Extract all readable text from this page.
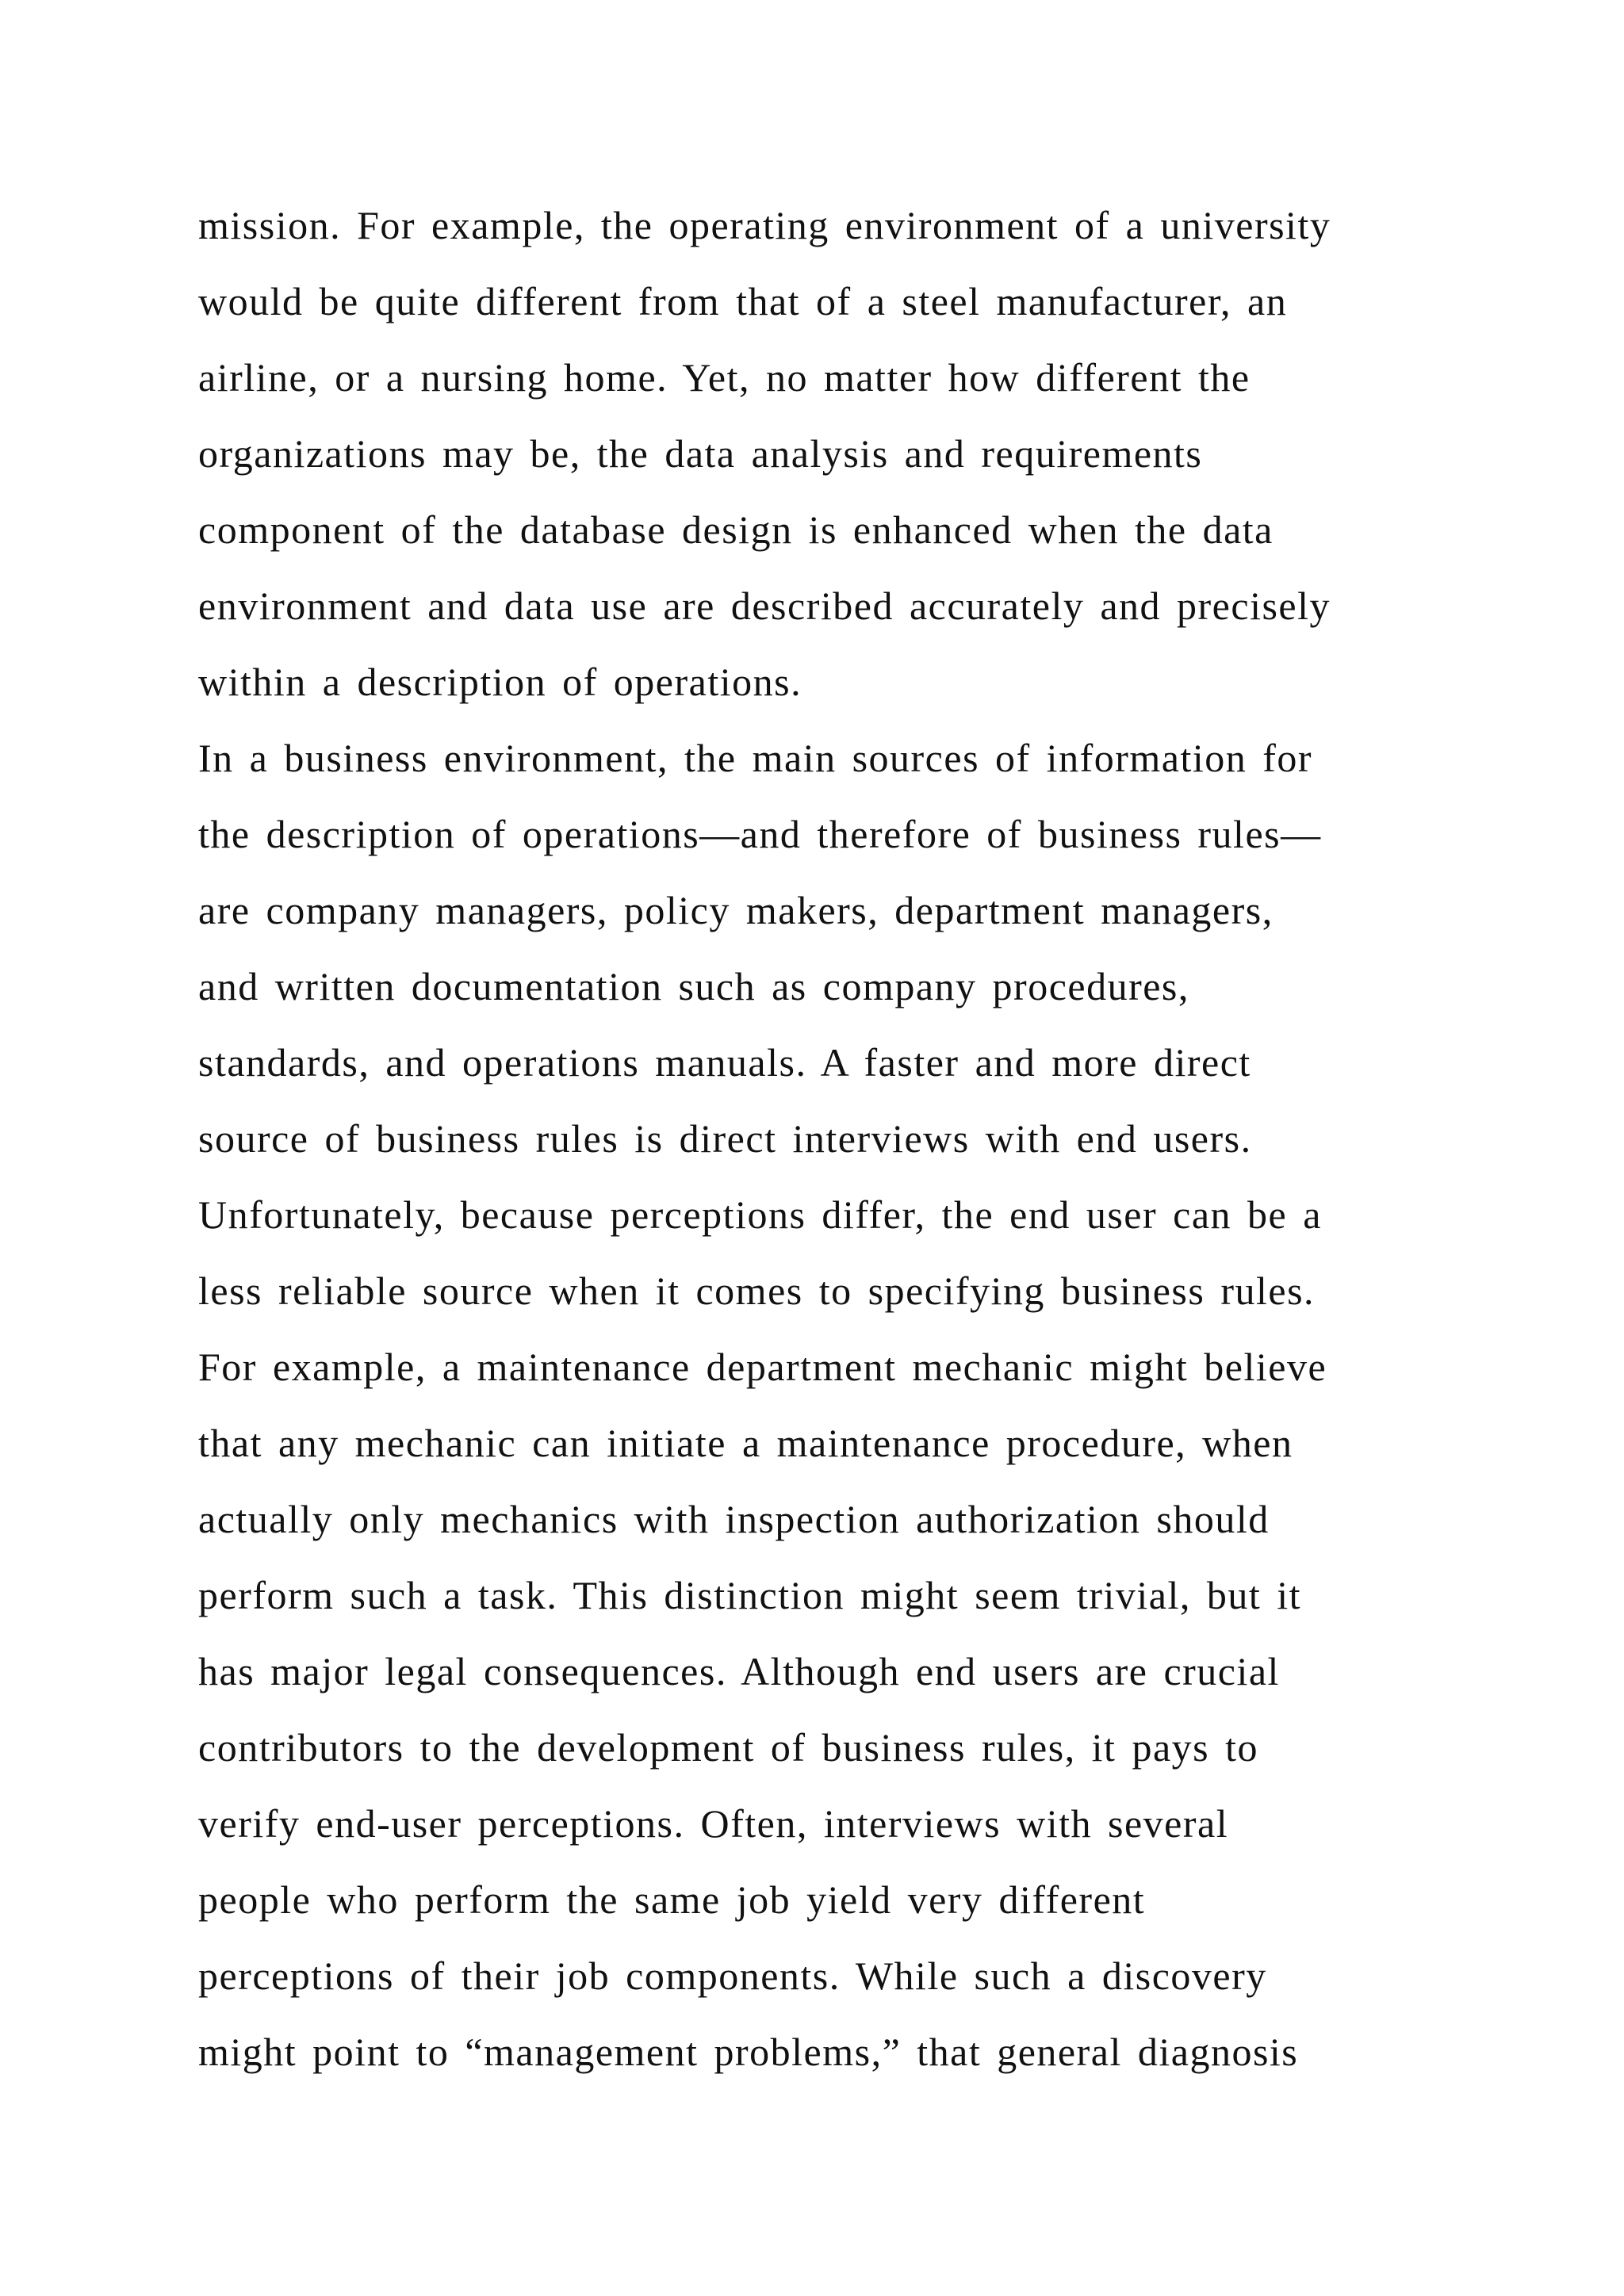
mission. For example, the operating environment of a university
would be quite different from that of a steel manufacturer, an
airline, or a nursing home. Yet, no matter how different the
organizations may be, the data analysis and requirements
component of the database design is enhanced when the data
environment and data use are described accurately and precisely
within a description of operations.
In a business environment, the main sources of information for
the description of operations—and therefore of business rules—
are company managers, policy makers, department managers,
and written documentation such as company procedures,
standards, and operations manuals. A faster and more direct
source of business rules is direct interviews with end users.
Unfortunately, because perceptions differ, the end user can be a
less reliable source when it comes to specifying business rules.
For example, a maintenance department mechanic might believe
that any mechanic can initiate a maintenance procedure, when
actually only mechanics with inspection authorization should
perform such a task. This distinction might seem trivial, but it
has major legal consequences. Although end users are crucial
contributors to the development of business rules, it pays to
verify end-user perceptions. Often, interviews with several
people who perform the same job yield very different
perceptions of their job components. While such a discovery
might point to “management problems,” that general diagnosis
